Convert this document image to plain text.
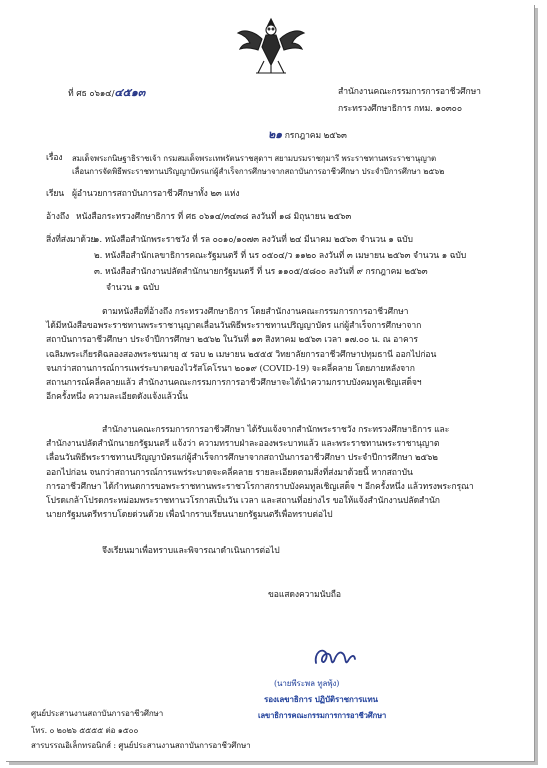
ที่ ศธ ๐๖๑๔/๔๕๑๓	สำนักงานคณะกรรมการการอาชีวศึกษา
กระทรวงศึกษาธิการ กทม. ๑๐๓๐๐
๒๑ กรกฎาคม ๒๕๖๓
เรื่อง สมเด็จพระกนิษฐาธิราชเจ้า กรมสมเด็จพระเทพรัตนราชสุดาฯ สยามบรมราชกุมารี พระราชทานพระราชานุญาต
เลื่อนการจัดพิธีพระราชทานปริญญาบัตรแก่ผู้สำเร็จการศึกษาจากสถาบันการอาชีวศึกษา ประจำปีการศึกษา ๒๕๖๒
เรียน ผู้อำนวยการสถาบันการอาชีวศึกษาทั้ง ๒๓ แห่ง
อ้างถึง หนังสือกระทรวงศึกษาธิการ ที่ ศธ ๐๖๑๔/๓๔๓๘ ลงวันที่ ๑๘ มิถุนายน ๒๕๖๓
สิ่งที่ส่งมาด้วย
๑. หนังสือสำนักพระราชวัง ที่ รล ๐๐๑๐/๑๐๗๓ ลงวันที่ ๒๔ มีนาคม ๒๕๖๓ จำนวน ๑ ฉบับ
๒. หนังสือสำนักเลขาธิการคณะรัฐมนตรี ที่ นร ๐๕๐๔/ว ๑๑๒๐ ลงวันที่ ๓ เมษายน ๒๕๖๓ จำนวน ๑ ฉบับ
๓. หนังสือสำนักงานปลัดสำนักนายกรัฐมนตรี ที่ นร ๑๑๐๕/๕๘๐๐ ลงวันที่ ๙ กรกฎาคม ๒๕๖๓
จำนวน ๑ ฉบับ
ตามหนังสือที่อ้างถึง กระทรวงศึกษาธิการ โดยสำนักงานคณะกรรมการการอาชีวศึกษา
ได้มีหนังสือขอพระราชทานพระราชานุญาตเลื่อนวันพิธีพระราชทานปริญญาบัตร แก่ผู้สำเร็จการศึกษาจาก
สถาบันการอาชีวศึกษา ประจำปีการศึกษา ๒๕๖๒ ในวันที่ ๑๓ สิงหาคม ๒๕๖๓ เวลา ๑๗.๐๐ น. ณ อาคาร
เฉลิมพระเกียรติฉลองสองพระชนมายุ ๕ รอบ ๒ เมษายน ๒๕๕๕ วิทยาลัยการอาชีวศึกษาปทุมธานี ออกไปก่อน
จนกว่าสถานการณ์การแพร่ระบาดของไวรัสโคโรนา ๒๐๑๙ (COVID-19) จะคลี่คลาย โดยภายหลังจาก
สถานการณ์คลี่คลายแล้ว สำนักงานคณะกรรมการการอาชีวศึกษาจะได้นำความกราบบังคมทูลเชิญเสด็จฯ
อีกครั้งหนึ่ง ความละเอียดดังแจ้งแล้วนั้น
สำนักงานคณะกรรมการการอาชีวศึกษา ได้รับแจ้งจากสำนักพระราชวัง กระทรวงศึกษาธิการ และ
สำนักงานปลัดสำนักนายกรัฐมนตรี แจ้งว่า ความทราบฝ่าละอองพระบาทแล้ว และพระราชทานพระราชานุญาต
เลื่อนวันพิธีพระราชทานปริญญาบัตรแก่ผู้สำเร็จการศึกษาจากสถาบันการอาชีวศึกษา ประจำปีการศึกษา ๒๕๖๒
ออกไปก่อน จนกว่าสถานการณ์การแพร่ระบาดจะคลี่คลาย รายละเอียดตามสิ่งที่ส่งมาด้วยนี้ หากสถาบัน
การอาชีวศึกษา ได้กำหนดการขอพระราชทานพระราชวโรกาสกราบบังคมทูลเชิญเสด็จ ฯ อีกครั้งหนึ่ง แล้วทรงพระกรุณา
โปรดเกล้าโปรดกระหม่อมพระราชทานวโรกาสเป็นวัน เวลา และสถานที่อย่างไร ขอให้แจ้งสำนักงานปลัดสำนัก
นายกรัฐมนตรีทราบโดยด่วนด้วย เพื่อนำกราบเรียนนายกรัฐมนตรีเพื่อทราบต่อไป
จึงเรียนมาเพื่อทราบและพิจารณาดำเนินการต่อไป
ขอแสดงความนับถือ
(นายพีระพล ทูลพุ้ง)
รองเลขาธิการ ปฏิบัติราชการแทน
เลขาธิการคณะกรรมการการอาชีวศึกษา
ศูนย์ประสานงานสถาบันการอาชีวศึกษา
โทร. ๐ ๒๐๒๖ ๕๕๕๕ ต่อ ๑๕๐๐
สารบรรณอิเล็กทรอนิกส์ : ศูนย์ประสานงานสถาบันการอาชีวศึกษา
